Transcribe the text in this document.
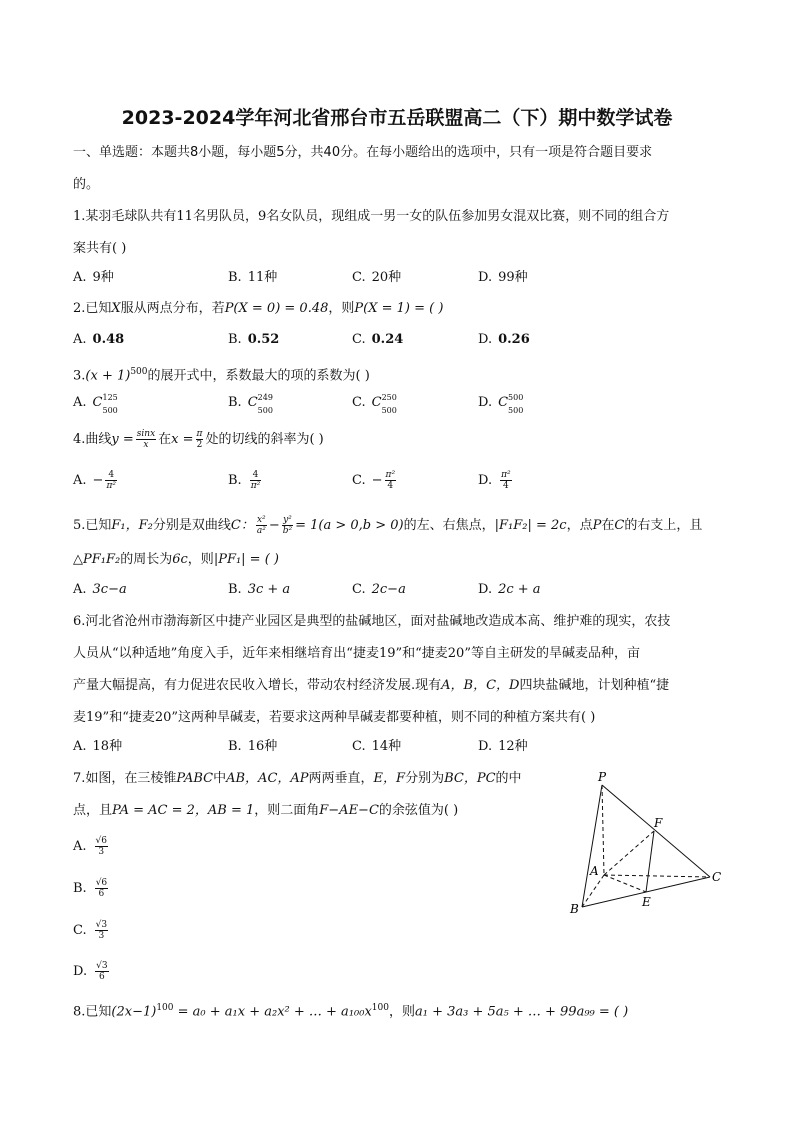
2023-2024学年河北省邢台市五岳联盟高二（下）期中数学试卷
一、单选题：本题共8小题，每小题5分，共40分。在每小题给出的选项中，只有一项是符合题目要求
的。
1.某羽毛球队共有11名男队员，9名女队员，现组成一男一女的队伍参加男女混双比赛，则不同的组合方
案共有( )
A. 9种	B. 11种	C. 20种	D. 99种
2.已知X服从两点分布，若P(X = 0) = 0.48，则P(X = 1) = ( )
A. 0.48	B. 0.52	C. 0.24	D. 0.26
$3.(x + 1)^{500}$的展开式中，系数最大的项的系数为( )
A. C 125
500
B. C 249
500
C. C 250
500
D. C 500
500
4.曲线$y = \frac{\sin x}{x}$ 在$x = \frac{\pi}{2}$ 处的切线的斜率为( )
A. − $\frac{4}{\text{π²}}$	B. $\frac{4}{\text{π²}}$	C. − $\frac{\text{π²}}{4}$	D. $\frac{\text{π²}}{4}$
5.已知F₁，F₂分别是双曲线C： $\frac{\text{x²}}{\text{a²}} - \frac{\text{y²}}{\text{b²}} = 1(a > 0,b > 0)$的左、右焦点，|F₁F₂| = 2c，点P在C的右支上，且
△PF₁F₂的周长为6c，则|PF₁| = ( )
A. 3c−a	B. 3c + a	C. 2c−a	D. 2c + a
6.河北省沧州市渤海新区中捷产业园区是典型的盐碱地区，面对盐碱地改造成本高、维护难的现实，农技
人员从“以种适地”角度入手，近年来相继培育出“捷麦19”和“捷麦20”等自主研发的旱碱麦品种，亩
产量大幅提高，有力促进农民收入增长，带动农村经济发展.现有A，B，C，D四块盐碱地，计划种植“捷
麦19”和“捷麦20”这两种旱碱麦，若要求这两种旱碱麦都要种植，则不同的种植方案共有( )
A. 18种	B. 16种	C. 14种	D. 12种
7.如图，在三棱锥PABC中AB，AC，AP两两垂直，E，F分别为BC，PC的中
点，且PA = AC = 2，AB = 1，则二面角F−AE−C的余弦值为( )
A. $\frac{√6}{3}$
B. $\frac{√6}{6}$
C. $\frac{√3}{3}$
D. $\frac{√3}{6}$
P
F
A	C
B	E
8.已知$(2x-1)^{100} = a_0 + a_1x + a_2x^2$ + … + $a_{100}x^{100}$，则a₁ + 3a₃ + 5a₅ + … + 99a₉₉ = ( )
